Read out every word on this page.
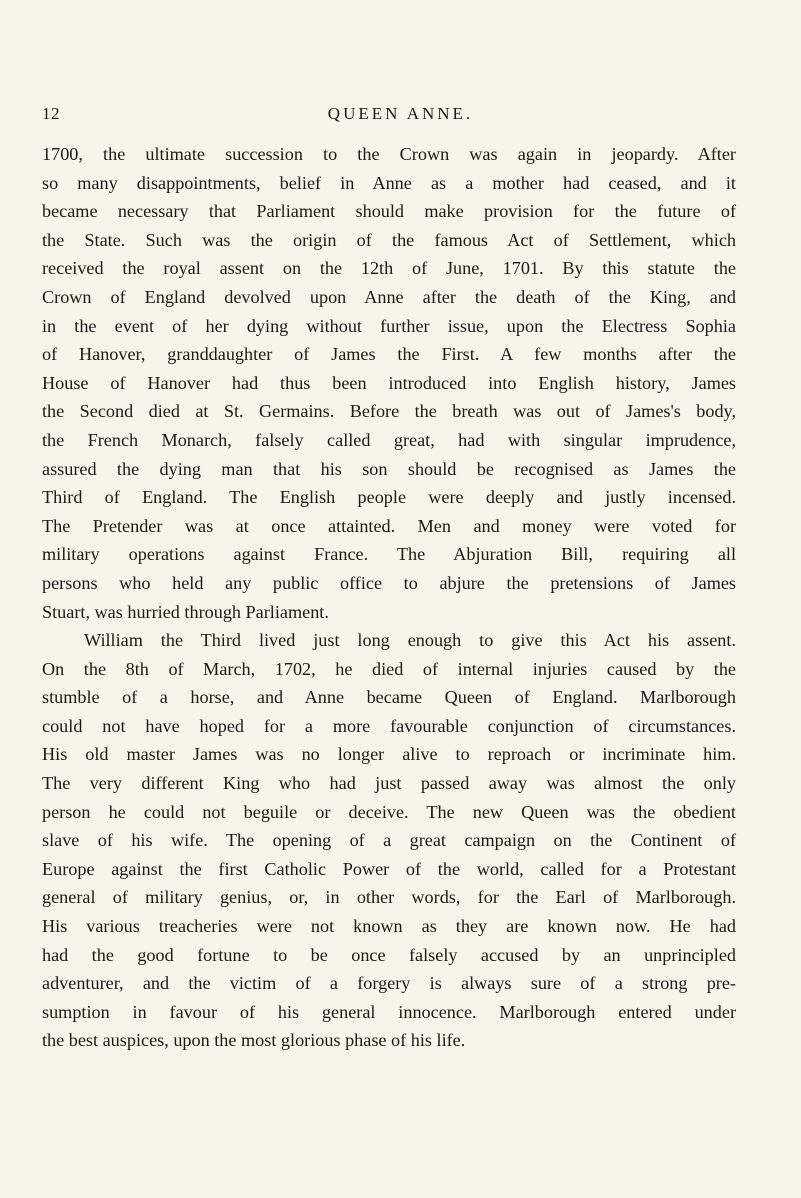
12	QUEEN ANNE.
1700, the ultimate succession to the Crown was again in jeopardy. After
so many disappointments, belief in Anne as a mother had ceased, and it
became necessary that Parliament should make provision for the future of
the State. Such was the origin of the famous Act of Settlement, which
received the royal assent on the 12th of June, 1701. By this statute the
Crown of England devolved upon Anne after the death of the King, and
in the event of her dying without further issue, upon the Electress Sophia
of Hanover, granddaughter of James the First. A few months after the
House of Hanover had thus been introduced into English history, James
the Second died at St. Germains. Before the breath was out of James's body,
the French Monarch, falsely called great, had with singular imprudence,
assured the dying man that his son should be recognised as James the
Third of England. The English people were deeply and justly incensed.
The Pretender was at once attainted. Men and money were voted for
military operations against France. The Abjuration Bill, requiring all
persons who held any public office to abjure the pretensions of James
Stuart, was hurried through Parliament.
William the Third lived just long enough to give this Act his assent.
On the 8th of March, 1702, he died of internal injuries caused by the
stumble of a horse, and Anne became Queen of England. Marlborough
could not have hoped for a more favourable conjunction of circumstances.
His old master James was no longer alive to reproach or incriminate him.
The very different King who had just passed away was almost the only
person he could not beguile or deceive. The new Queen was the obedient
slave of his wife. The opening of a great campaign on the Continent of
Europe against the first Catholic Power of the world, called for a Protestant
general of military genius, or, in other words, for the Earl of Marlborough.
His various treacheries were not known as they are known now. He had
had the good fortune to be once falsely accused by an unprincipled
adventurer, and the victim of a forgery is always sure of a strong pre-
sumption in favour of his general innocence. Marlborough entered under
the best auspices, upon the most glorious phase of his life.
